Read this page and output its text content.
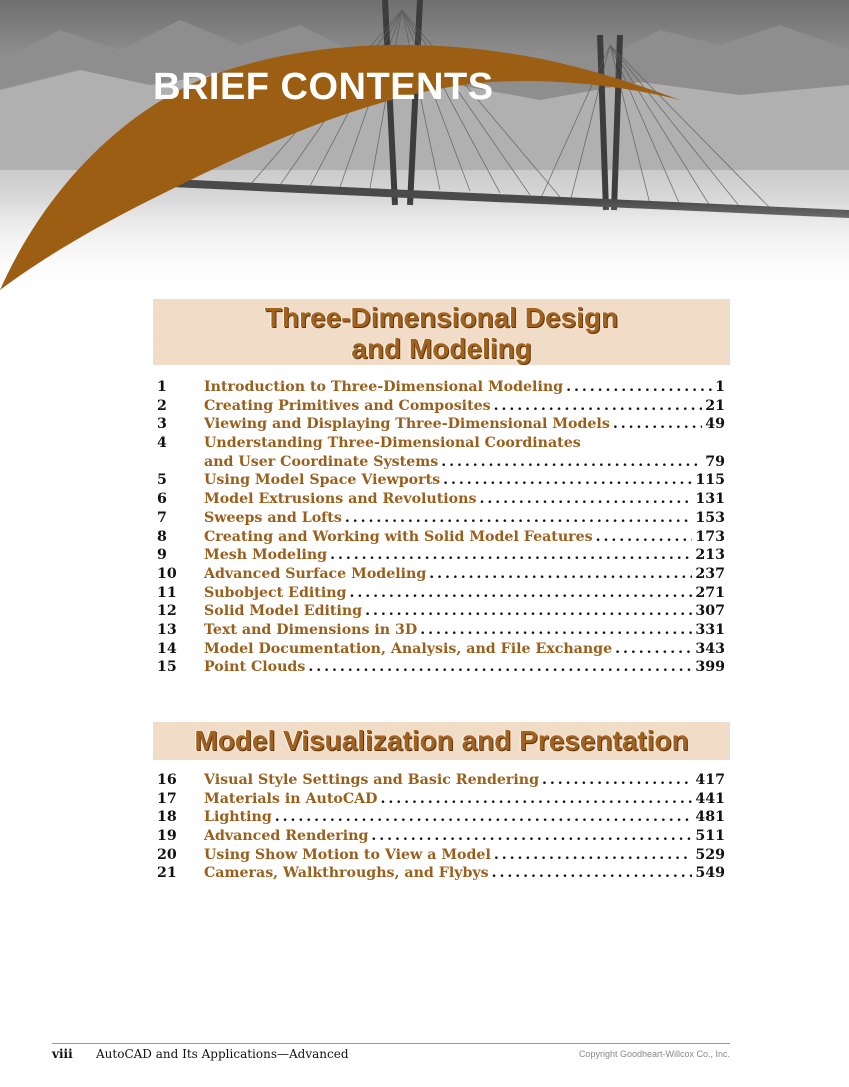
BRIEF CONTENTS
Three-Dimensional Design
and Modeling
1	Introduction to Three-Dimensional Modeling . . .	1
2	Creating Primitives and Composites . . .	21
3	Viewing and Displaying Three-Dimensional Models . . .	49
4	Understanding Three-Dimensional Coordinates
and User Coordinate Systems . . .	79
5	Using Model Space Viewports . . .	115
6	Model Extrusions and Revolutions . . .	131
7	Sweeps and Lofts . . .	153
8	Creating and Working with Solid Model Features . . .	173
9	Mesh Modeling . . .	213
10	Advanced Surface Modeling . . .	237
11	Subobject Editing . . .	271
12	Solid Model Editing . . .	307
13	Text and Dimensions in 3D . . .	331
14	Model Documentation, Analysis, and File Exchange . . .	343
15	Point Clouds . . .	399
Model Visualization and Presentation
16	Visual Style Settings and Basic Rendering . . .	417
17	Materials in AutoCAD . . .	441
18	Lighting . . .	481
19	Advanced Rendering . . .	511
20	Using Show Motion to View a Model . . .	529
21	Cameras, Walkthroughs, and Flybys . . .	549
viii AutoCAD and Its Applications—Advanced	Copyright Goodheart-Willcox Co., Inc.
